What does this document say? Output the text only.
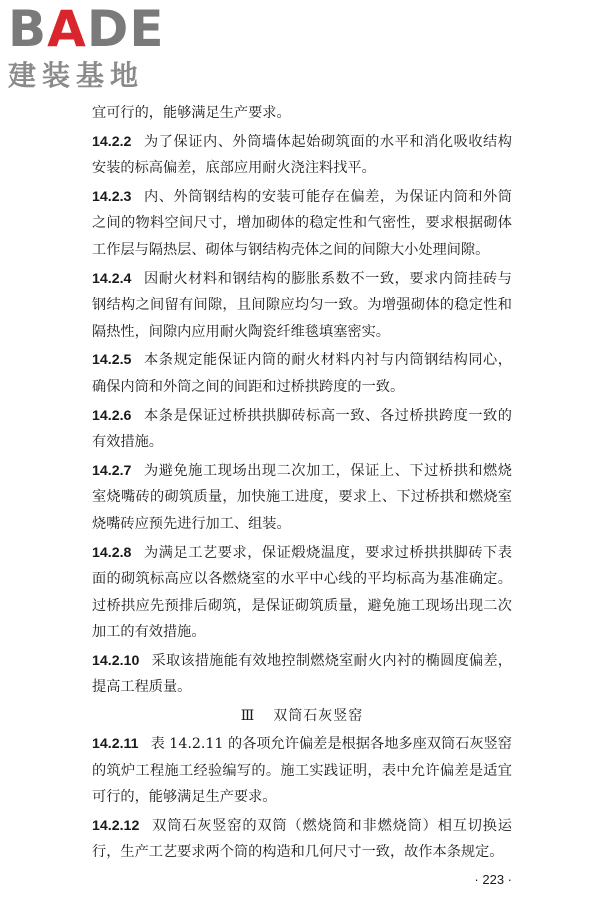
BADE
建装基地

宜可行的，能够满足生产要求。

14.2.2 为了保证内、外筒墙体起始砌筑面的水平和消化吸收结构安装的标高偏差，底部应用耐火浇注料找平。

14.2.3 内、外筒钢结构的安装可能存在偏差，为保证内筒和外筒之间的物料空间尺寸，增加砌体的稳定性和气密性，要求根据砌体工作层与隔热层、砌体与钢结构壳体之间的间隙大小处理间隙。

14.2.4 因耐火材料和钢结构的膨胀系数不一致，要求内筒挂砖与钢结构之间留有间隙，且间隙应均匀一致。为增强砌体的稳定性和隔热性，间隙内应用耐火陶瓷纤维毯填塞密实。

14.2.5 本条规定能保证内筒的耐火材料内衬与内筒钢结构同心，确保内筒和外筒之间的间距和过桥拱跨度的一致。

14.2.6 本条是保证过桥拱拱脚砖标高一致、各过桥拱跨度一致的有效措施。

14.2.7 为避免施工现场出现二次加工，保证上、下过桥拱和燃烧室烧嘴砖的砌筑质量，加快施工进度，要求上、下过桥拱和燃烧室烧嘴砖应预先进行加工、组装。

14.2.8 为满足工艺要求，保证煅烧温度，要求过桥拱拱脚砖下表面的砌筑标高应以各燃烧室的水平中心线的平均标高为基准确定。过桥拱应先预排后砌筑，是保证砌筑质量，避免施工现场出现二次加工的有效措施。

14.2.10 采取该措施能有效地控制燃烧室耐火内衬的椭圆度偏差，提高工程质量。

Ⅲ 双筒石灰竖窑

14.2.11 表 14.2.11 的各项允许偏差是根据各地多座双筒石灰竖窑的筑炉工程施工经验编写的。施工实践证明，表中允许偏差是适宜可行的，能够满足生产要求。

14.2.12 双筒石灰竖窑的双筒（燃烧筒和非燃烧筒）相互切换运行，生产工艺要求两个筒的构造和几何尺寸一致，故作本条规定。

· 223 ·
